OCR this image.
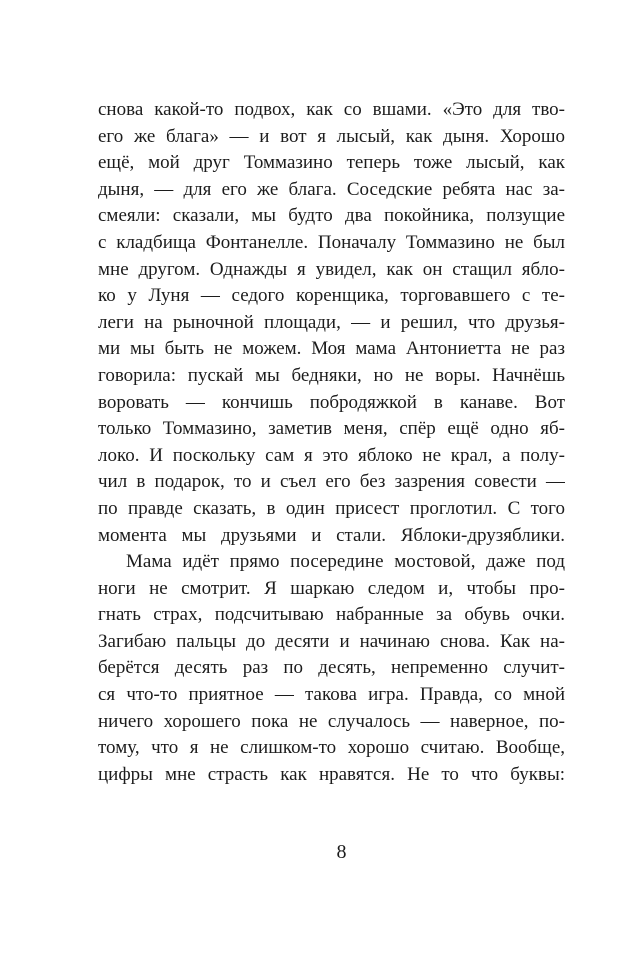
снова какой-то подвох, как со вшами. «Это для тво-
его же блага» — и вот я лысый, как дыня. Хорошо
ещё, мой друг Томмазино теперь тоже лысый, как
дыня, — для его же блага. Соседские ребята нас за-
смеяли: сказали, мы будто два покойника, ползущие
с кладбища Фонтанелле. Поначалу Томмазино не был
мне другом. Однажды я увидел, как он стащил ябло-
ко у Луня — седого коренщика, торговавшего с те-
леги на рыночной площади, — и решил, что друзья-
ми мы быть не можем. Моя мама Антониетта не раз
говорила: пускай мы бедняки, но не воры. Начнёшь
воровать — кончишь побродяжкой в канаве. Вот
только Томмазино, заметив меня, спёр ещё одно яб-
локо. И поскольку сам я это яблоко не крал, а полу-
чил в подарок, то и съел его без зазрения совести —
по правде сказать, в один присест проглотил. С того
момента мы друзьями и стали. Яблоки-друзяблики.
Мама идёт прямо посередине мостовой, даже под
ноги не смотрит. Я шаркаю следом и, чтобы про-
гнать страх, подсчитываю набранные за обувь очки.
Загибаю пальцы до десяти и начинаю снова. Как на-
берётся десять раз по десять, непременно случит-
ся что-то приятное — такова игра. Правда, со мной
ничего хорошего пока не случалось — наверное, по-
тому, что я не слишком-то хорошо считаю. Вообще,
цифры мне страсть как нравятся. Не то что буквы:
8
